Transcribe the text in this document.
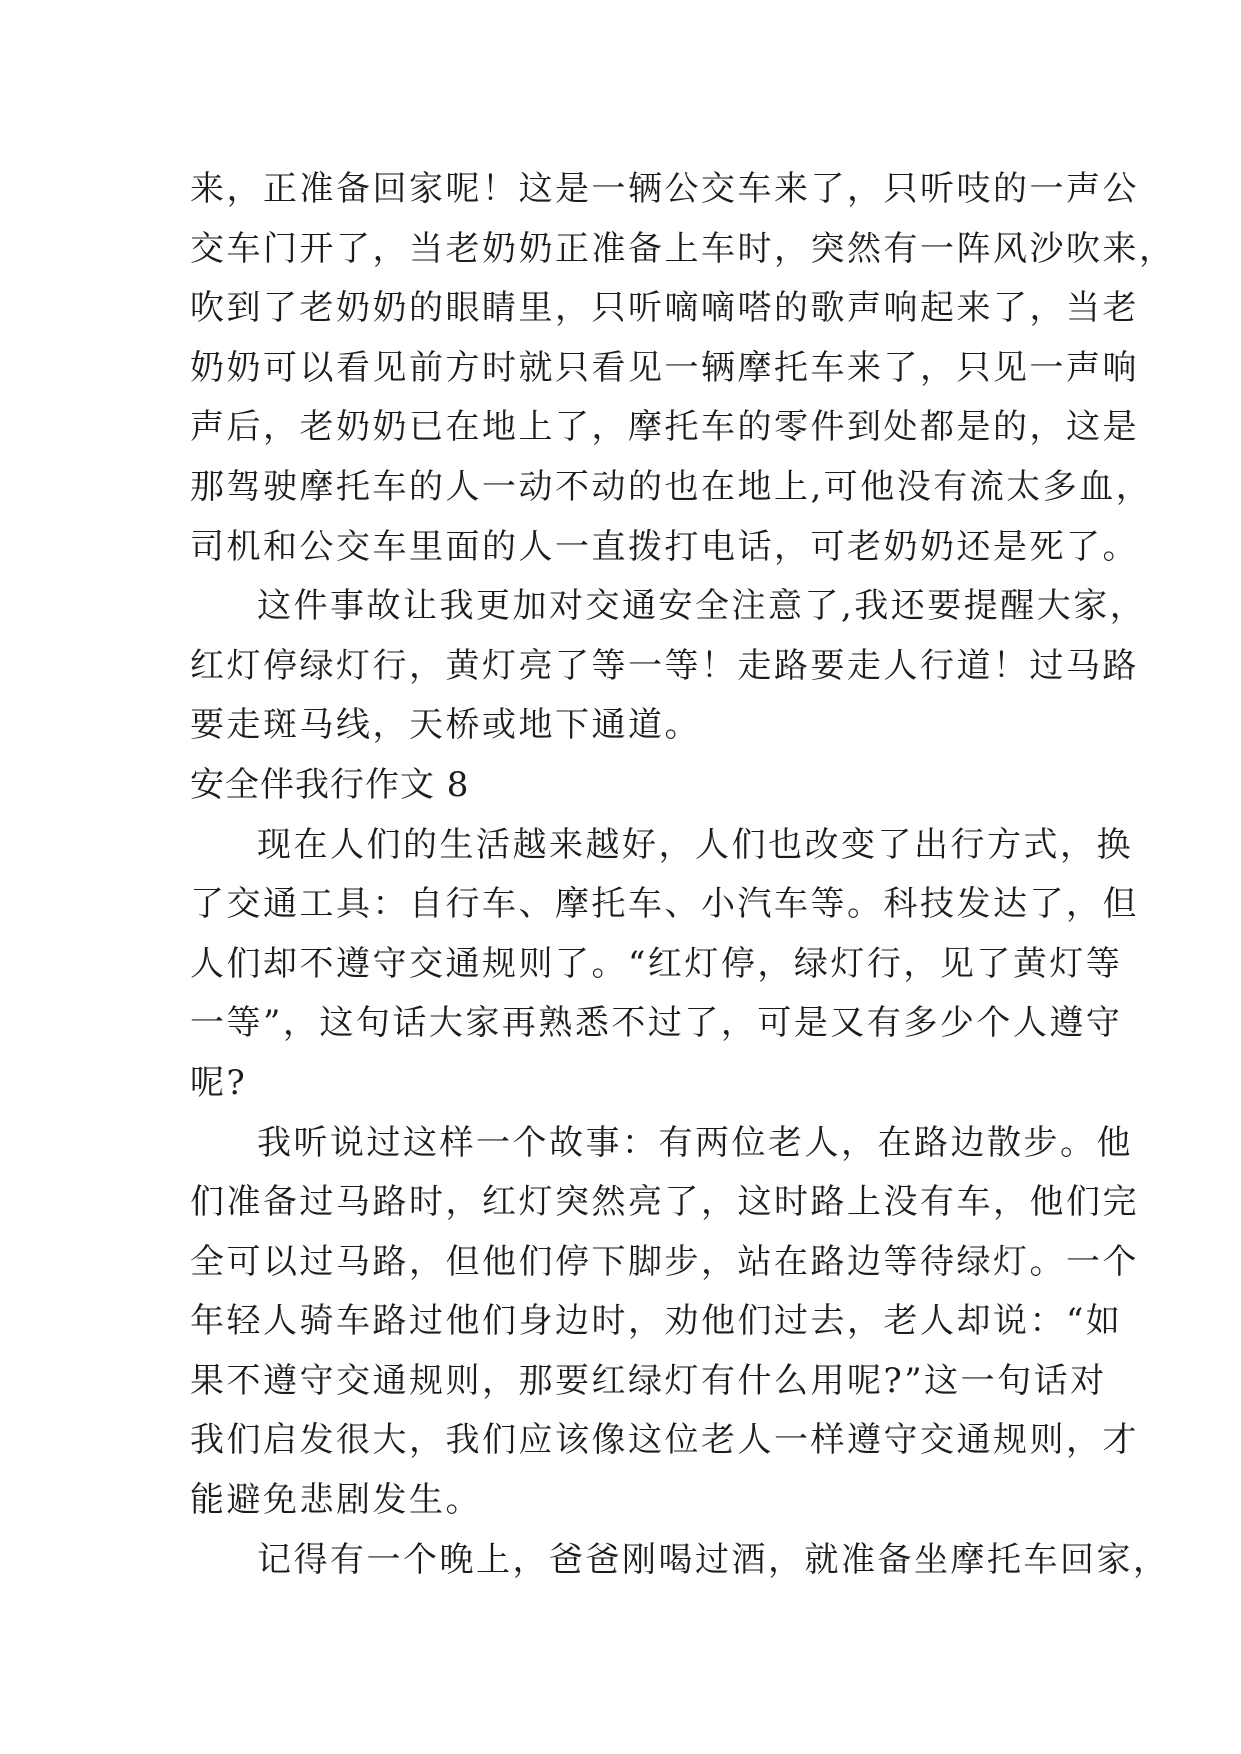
来，正准备回家呢！这是一辆公交车来了，只听吱的一声公
交车门开了，当老奶奶正准备上车时，突然有一阵风沙吹来，
吹到了老奶奶的眼睛里，只听嘀嘀嗒的歌声响起来了，当老
奶奶可以看见前方时就只看见一辆摩托车来了，只见一声响
声后，老奶奶已在地上了，摩托车的零件到处都是的，这是
那驾驶摩托车的人一动不动的也在地上,可他没有流太多血，
司机和公交车里面的人一直拨打电话，可老奶奶还是死了。
这件事故让我更加对交通安全注意了,我还要提醒大家，
红灯停绿灯行，黄灯亮了等一等！走路要走人行道！过马路
要走斑马线，天桥或地下通道。
安全伴我行作文 8
现在人们的生活越来越好，人们也改变了出行方式，换
了交通工具：自行车、摩托车、小汽车等。科技发达了，但
人们却不遵守交通规则了。“红灯停，绿灯行，见了黄灯等
一等”，这句话大家再熟悉不过了，可是又有多少个人遵守
呢?
我听说过这样一个故事：有两位老人，在路边散步。他
们准备过马路时，红灯突然亮了，这时路上没有车，他们完
全可以过马路，但他们停下脚步，站在路边等待绿灯。一个
年轻人骑车路过他们身边时，劝他们过去，老人却说：“如
果不遵守交通规则，那要红绿灯有什么用呢?”这一句话对
我们启发很大，我们应该像这位老人一样遵守交通规则，才
能避免悲剧发生。
记得有一个晚上，爸爸刚喝过酒，就准备坐摩托车回家，
